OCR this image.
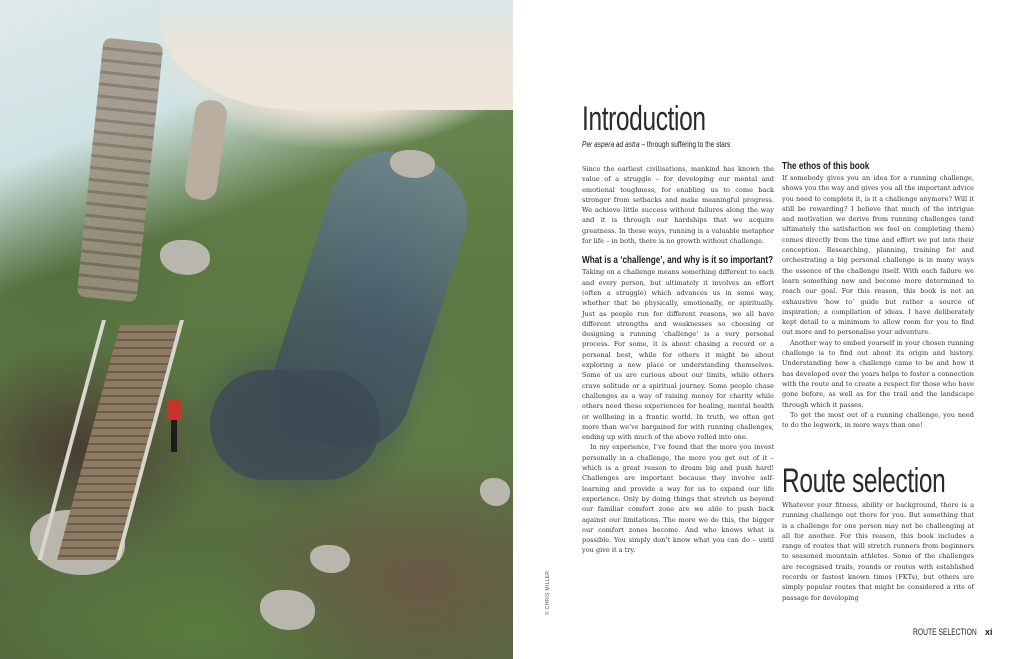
© CHRIS MILLER
Introduction
Per aspera ad astra – through suffering to the stars

Since the earliest civilisations, mankind has known the value of a struggle – for developing our mental and emotional toughness, for enabling us to come back stronger from setbacks and make meaningful progress. We achieve little success without failures along the way and it is through our hardships that we acquire greatness. In these ways, running is a valuable metaphor for life – in both, there is no growth without challenge.

What is a ‘challenge’, and why is it so important?

Taking on a challenge means something different to each and every person, but ultimately it involves an effort (often a struggle) which advances us in some way, whether that be physically, emotionally, or spiritually. Just as people run for different reasons, we all have different strengths and weaknesses so choosing or designing a running ‘challenge’ is a very personal process. For some, it is about chasing a record or a personal best, while for others it might be about exploring a new place or understanding themselves. Some of us are curious about our limits, while others crave solitude or a spiritual journey. Some people chase challenges as a way of raising money for charity while others need these experiences for healing, mental health or wellbeing in a frantic world. In truth, we often get more than we’ve bargained for with running challenges, ending up with much of the above rolled into one.

In my experience, I’ve found that the more you invest personally in a challenge, the more you get out of it – which is a great reason to dream big and push hard! Challenges are important because they involve self-learning and provide a way for us to expand our life experience. Only by doing things that stretch us beyond our familiar comfort zone are we able to push back against our limitations. The more we do this, the bigger our comfort zones become. And who knows what is possible. You simply don’t know what you can do – until you give it a try.

The ethos of this book

If somebody gives you an idea for a running challenge, shows you the way and gives you all the important advice you need to complete it, is it a challenge anymore? Will it still be rewarding? I believe that much of the intrigue and motivation we derive from running challenges (and ultimately the satisfaction we feel on completing them) comes directly from the time and effort we put into their conception. Researching, planning, training for and orchestrating a big personal challenge is in many ways the essence of the challenge itself. With each failure we learn something new and become more determined to reach our goal. For this reason, this book is not an exhaustive ‘how to’ guide but rather a source of inspiration; a compilation of ideas. I have deliberately kept detail to a minimum to allow room for you to find out more and to personalise your adventure.

Another way to embed yourself in your chosen running challenge is to find out about its origin and history. Understanding how a challenge came to be and how it has developed over the years helps to foster a connection with the route and to create a respect for those who have gone before, as well as for the trail and the landscape through which it passes.

To get the most out of a running challenge, you need to do the legwork, in more ways than one!

Route selection

Whatever your fitness, ability or background, there is a running challenge out there for you. But something that is a challenge for one person may not be challenging at all for another. For this reason, this book includes a range of routes that will stretch runners from beginners to seasoned mountain athletes. Some of the challenges are recognised trails, rounds or routes with established records or fastest known times (FKTs), but others are simply popular routes that might be considered a rite of passage for developing

ROUTE SELECTION xi
